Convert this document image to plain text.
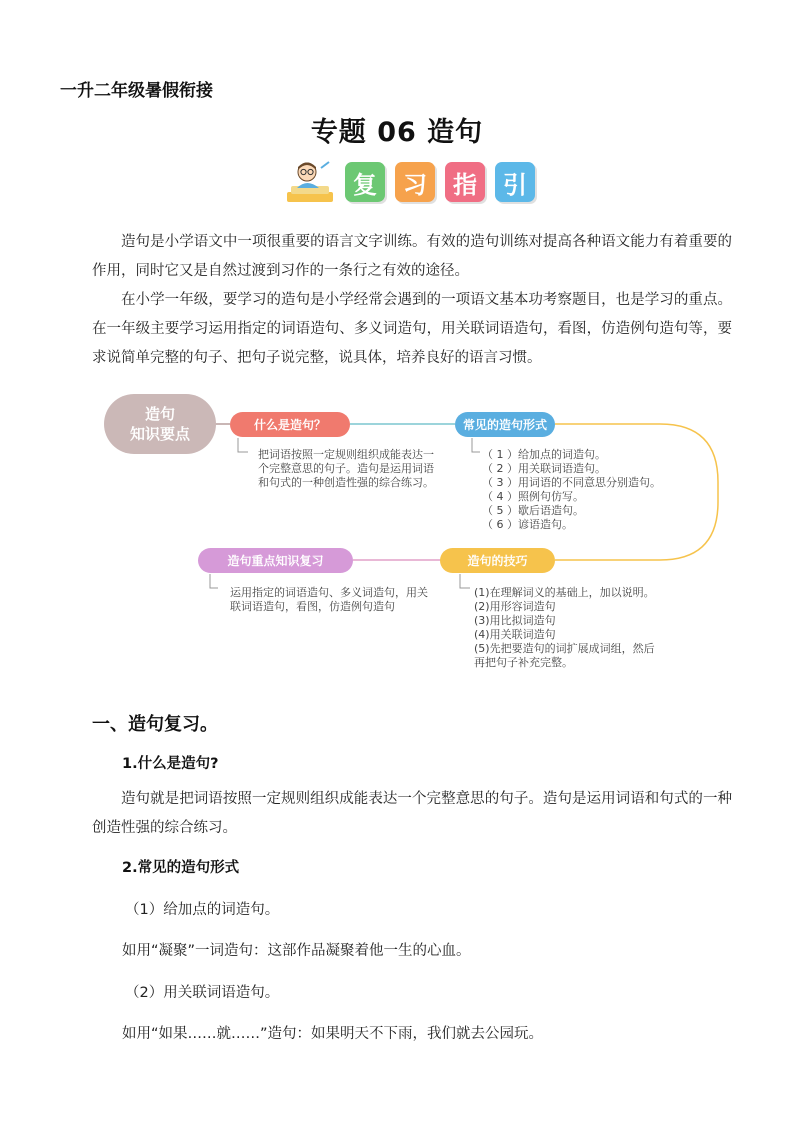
一升二年级暑假衔接
专题 06 造句
复	习	指	引

造句是小学语文中一项很重要的语言文字训练。有效的造句训练对提高各种语文能力有着重要的作用，同时它又是自然过渡到习作的一条行之有效的途径。

在小学一年级，要学习的造句是小学经常会遇到的一项语文基本功考察题目，也是学习的重点。在一年级主要学习运用指定的词语造句、多义词造句，用关联词语造句，看图，仿造例句造句等，要求说简单完整的句子、把句子说完整，说具体，培养良好的语言习惯。

造句
知识要点	什么是造句？

把词语按照一定规则组织成能表达一个完整意思的句子。造句是运用词语和句式的一种创造性强的综合练习。

常见的造句形式
（ 1 ）给加点的词造句。
（ 2 ）用关联词语造句。
（ 3 ）用词语的不同意思分别造句。
（ 4 ）照例句仿写。
（ 5 ）歇后语造句。
（ 6 ）谚语造句。
造句的技巧
(1)在理解词义的基础上，加以说明。
(2)用形容词造句
(3)用比拟词造句
(4)用关联词造句
(5)先把要造句的词扩展成词组，然后
再把句子补充完整。
造句重点知识复习

运用指定的词语造句、多义词造句，用关联词语造句，看图，仿造例句造句

一、造句复习。
1.什么是造句?

造句就是把词语按照一定规则组织成能表达一个完整意思的句子。造句是运用词语和句式的一种创造性强的综合练习。

2.常见的造句形式
（1）给加点的词造句。
如用“凝聚”一词造句：这部作品凝聚着他一生的心血。
（2）用关联词语造句。
如用“如果……就……”造句：如果明天不下雨，我们就去公园玩。
